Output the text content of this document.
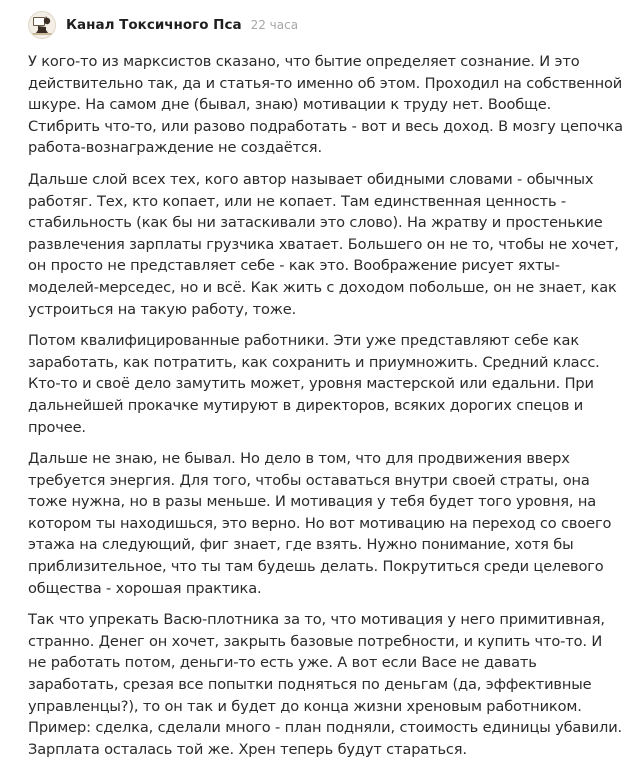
Канал Токсичного Пса 22 часа

У кого-то из марксистов сказано, что бытие определяет сознание. И это действительно так, да и статья-то именно об этом. Проходил на собственной шкуре. На самом дне (бывал, знаю) мотивации к труду нет. Вообще. Стибрить что-то, или разово подработать - вот и весь доход. В мозгу цепочка работа-вознаграждение не создаётся.

Дальше слой всех тех, кого автор называет обидными словами - обычных работяг. Тех, кто копает, или не копает. Там единственная ценность - стабильность (как бы ни затаскивали это слово). На жратву и простенькие развлечения зарплаты грузчика хватает. Большего он не то, чтобы не хочет, он просто не представляет себе - как это. Воображение рисует яхты-моделей-мерседес, но и всё. Как жить с доходом побольше, он не знает, как устроиться на такую работу, тоже.

Потом квалифицированные работники. Эти уже представляют себе как заработать, как потратить, как сохранить и приумножить. Средний класс. Кто-то и своё дело замутить может, уровня мастерской или едальни. При дальнейшей прокачке мутируют в директоров, всяких дорогих спецов и прочее.

Дальше не знаю, не бывал. Но дело в том, что для продвижения вверх требуется энергия. Для того, чтобы оставаться внутри своей страты, она тоже нужна, но в разы меньше. И мотивация у тебя будет того уровня, на котором ты находишься, это верно. Но вот мотивацию на переход со своего этажа на следующий, фиг знает, где взять. Нужно понимание, хотя бы приблизительное, что ты там будешь делать. Покрутиться среди целевого общества - хорошая практика.

Так что упрекать Васю-плотника за то, что мотивация у него примитивная, странно. Денег он хочет, закрыть базовые потребности, и купить что-то. И не работать потом, деньги-то есть уже. А вот если Васе не давать заработать, срезая все попытки подняться по деньгам (да, эффективные управленцы?), то он так и будет до конца жизни хреновым работником. Пример: сделка, сделали много - план подняли, стоимость единицы убавили. Зарплата осталась той же. Хрен теперь будут стараться.
